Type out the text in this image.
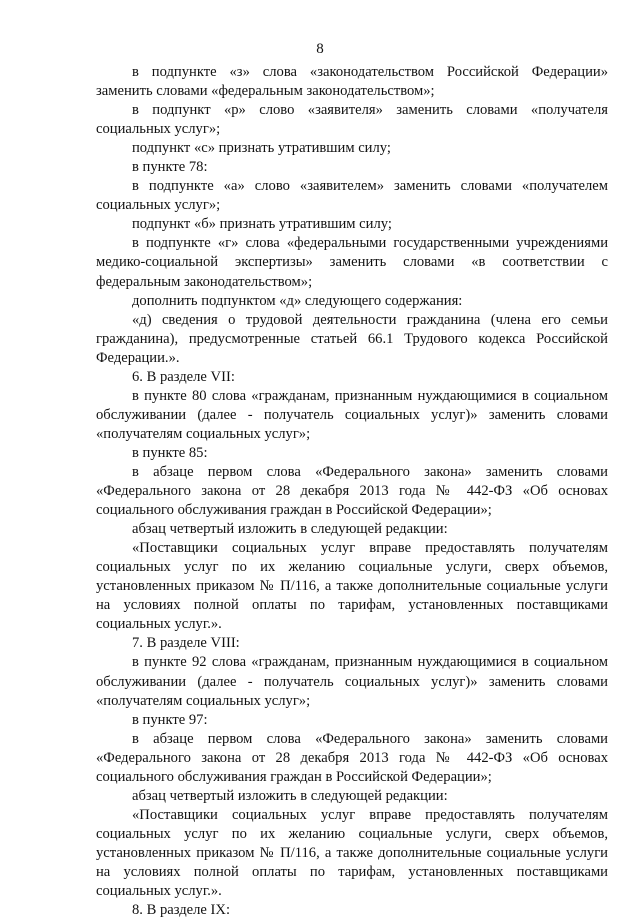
8

в подпункте «з» слова «законодательством Российской Федерации» заменить словами «федеральным законодательством»;

в подпункт «р» слово «заявителя» заменить словами «получателя социальных услуг»;

подпункт «с» признать утратившим силу;

в пункте 78:

в подпункте «а» слово «заявителем» заменить словами «получателем социальных услуг»;

подпункт «б» признать утратившим силу;

в подпункте «г» слова «федеральными государственными учреждениями медико-социальной экспертизы» заменить словами «в соответствии с федеральным законодательством»;

дополнить подпунктом «д» следующего содержания:

«д) сведения о трудовой деятельности гражданина (члена его семьи гражданина), предусмотренные статьей 66.1 Трудового кодекса Российской Федерации.».

6. В разделе VII:

в пункте 80 слова «гражданам, признанным нуждающимися в социальном обслуживании (далее - получатель социальных услуг)» заменить словами «получателям социальных услуг»;

в пункте 85:

в абзаце первом слова «Федерального закона» заменить словами «Федерального закона от 28 декабря 2013 года № 442-ФЗ «Об основах социального обслуживания граждан в Российской Федерации»;

абзац четвертый изложить в следующей редакции:

«Поставщики социальных услуг вправе предоставлять получателям социальных услуг по их желанию социальные услуги, сверх объемов, установленных приказом № П/116, а также дополнительные социальные услуги на условиях полной оплаты по тарифам, установленных поставщиками социальных услуг.».

7. В разделе VIII:

в пункте 92 слова «гражданам, признанным нуждающимися в социальном обслуживании (далее - получатель социальных услуг)» заменить словами «получателям социальных услуг»;

в пункте 97:

в абзаце первом слова «Федерального закона» заменить словами «Федерального закона от 28 декабря 2013 года № 442-ФЗ «Об основах социального обслуживания граждан в Российской Федерации»;

абзац четвертый изложить в следующей редакции:

«Поставщики социальных услуг вправе предоставлять получателям социальных услуг по их желанию социальные услуги, сверх объемов, установленных приказом № П/116, а также дополнительные социальные услуги на условиях полной оплаты по тарифам, установленных поставщиками социальных услуг.».

8. В разделе IX:
